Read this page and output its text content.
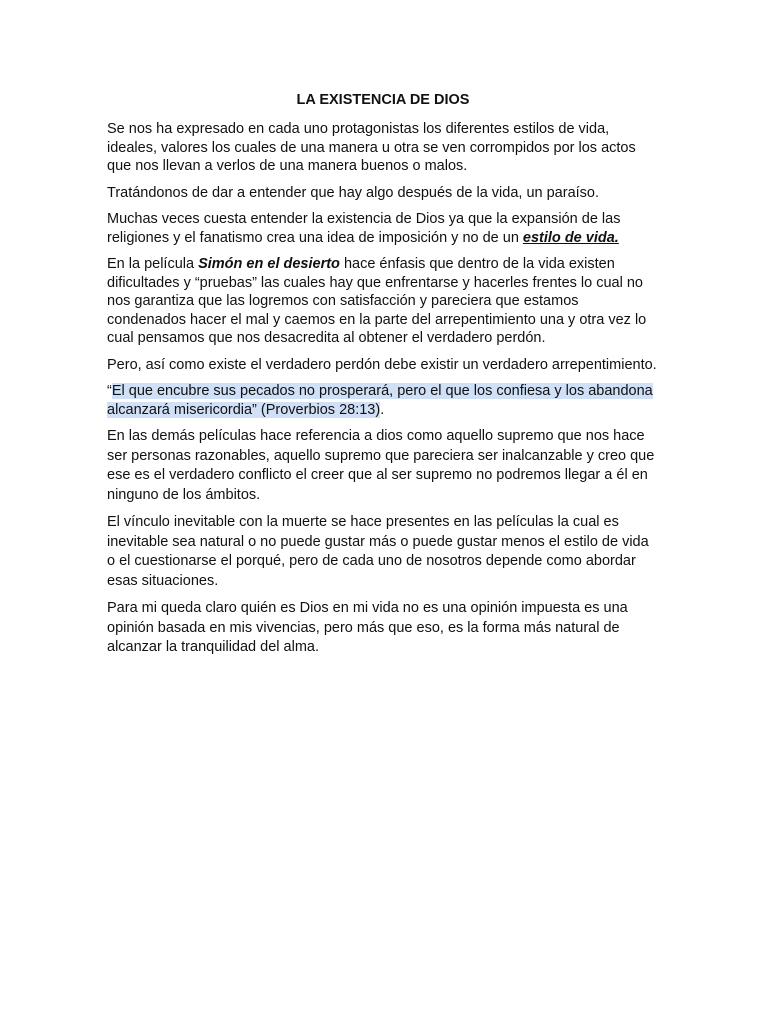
LA EXISTENCIA DE DIOS

Se nos ha expresado en cada uno protagonistas los diferentes estilos de vida, ideales, valores los cuales de una manera u otra se ven corrompidos por los actos que nos llevan a verlos de una manera buenos o malos.

Tratándonos de dar a entender que hay algo después de la vida, un paraíso.

Muchas veces cuesta entender la existencia de Dios ya que la expansión de las religiones y el fanatismo crea una idea de imposición y no de un estilo de vida.

En la película Simón en el desierto hace énfasis que dentro de la vida existen dificultades y “pruebas” las cuales hay que enfrentarse y hacerles frentes lo cual no nos garantiza que las logremos con satisfacción y pareciera que estamos condenados hacer el mal y caemos en la parte del arrepentimiento una y otra vez lo cual pensamos que nos desacredita al obtener el verdadero perdón.

Pero, así como existe el verdadero perdón debe existir un verdadero arrepentimiento.

“El que encubre sus pecados no prosperará, pero el que los confiesa y los abandona alcanzará misericordia” (Proverbios 28:13).

En las demás películas hace referencia a dios como aquello supremo que nos hace ser personas razonables, aquello supremo que pareciera ser inalcanzable y creo que ese es el verdadero conflicto el creer que al ser supremo no podremos llegar a él en ninguno de los ámbitos.

El vínculo inevitable con la muerte se hace presentes en las películas la cual es inevitable sea natural o no puede gustar más o puede gustar menos el estilo de vida o el cuestionarse el porqué, pero de cada uno de nosotros depende como abordar esas situaciones.

Para mi queda claro quién es Dios en mi vida no es una opinión impuesta es una opinión basada en mis vivencias, pero más que eso, es la forma más natural de alcanzar la tranquilidad del alma.
